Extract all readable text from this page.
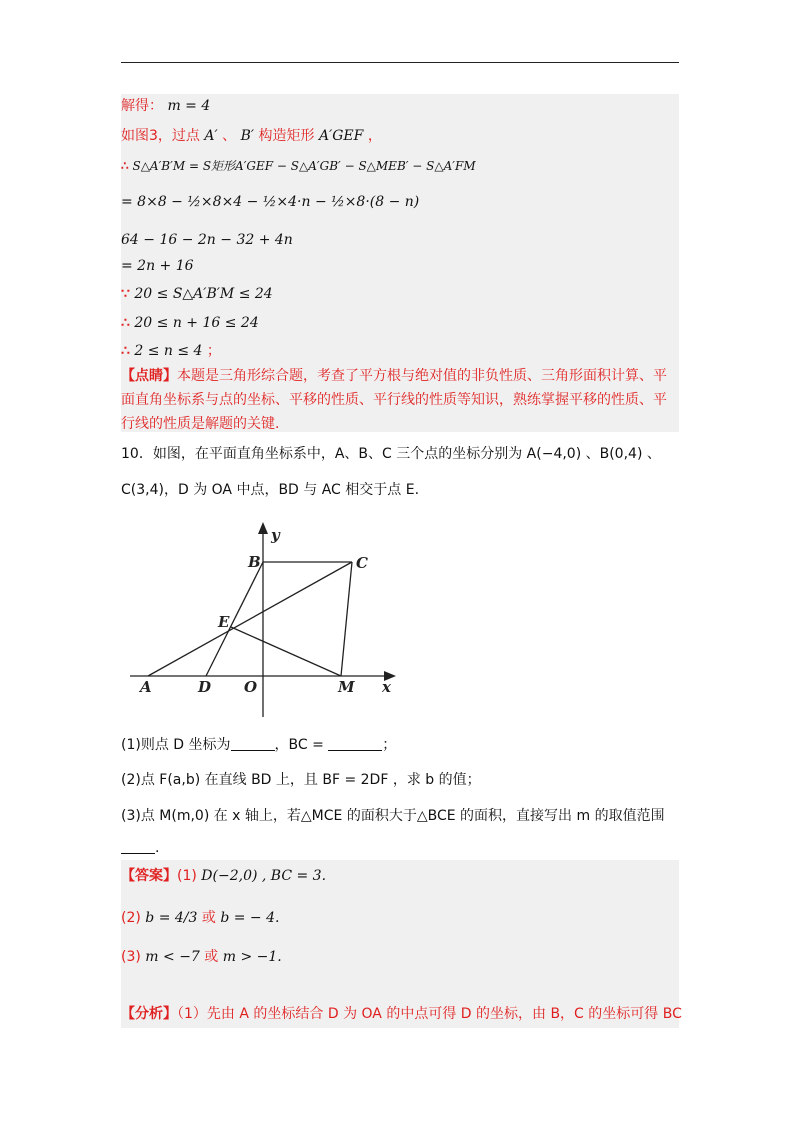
解得： m = 4
如图3，过点 A′ 、 B′ 构造矩形 A′GEF ，
∴ S△A′B′M = S矩形A′GEF − S△A′GB′ − S△MEB′ − S△A′FM
= 8×8 − ½×8×4 − ½×4·n − ½×8·(8 − n)
64 − 16 − 2n − 32 + 4n
= 2n + 16
∵ 20 ≤ S△A′B′M ≤ 24
∴ 20 ≤ n + 16 ≤ 24
∴ 2 ≤ n ≤ 4 ；
【点睛】本题是三角形综合题，考查了平方根与绝对值的非负性质、三角形面积计算、平
面直角坐标系与点的坐标、平移的性质、平行线的性质等知识，熟练掌握平移的性质、平
行线的性质是解题的关键.
10．如图，在平面直角坐标系中，A、B、C 三个点的坐标分别为 A(−4,0) 、B(0,4) 、
C(3,4)，D 为 OA 中点，BD 与 AC 相交于点 E.
y
x
B	C
E
A	D O	M
(1)则点 D 坐标为	，BC =	；
(2)点 F(a,b) 在直线 BD 上，且 BF = 2DF ，求 b 的值；
(3)点 M(m,0) 在 x 轴上，若△MCE 的面积大于△BCE 的面积，直接写出 m 的取值范围
.
【答案】(1) D(−2,0) , BC = 3.
(2) b = 4/3 或 b = − 4.
(3) m < −7 或 m > −1.
【分析】（1）先由 A 的坐标结合 D 为 OA 的中点可得 D 的坐标，由 B，C 的坐标可得 BC
